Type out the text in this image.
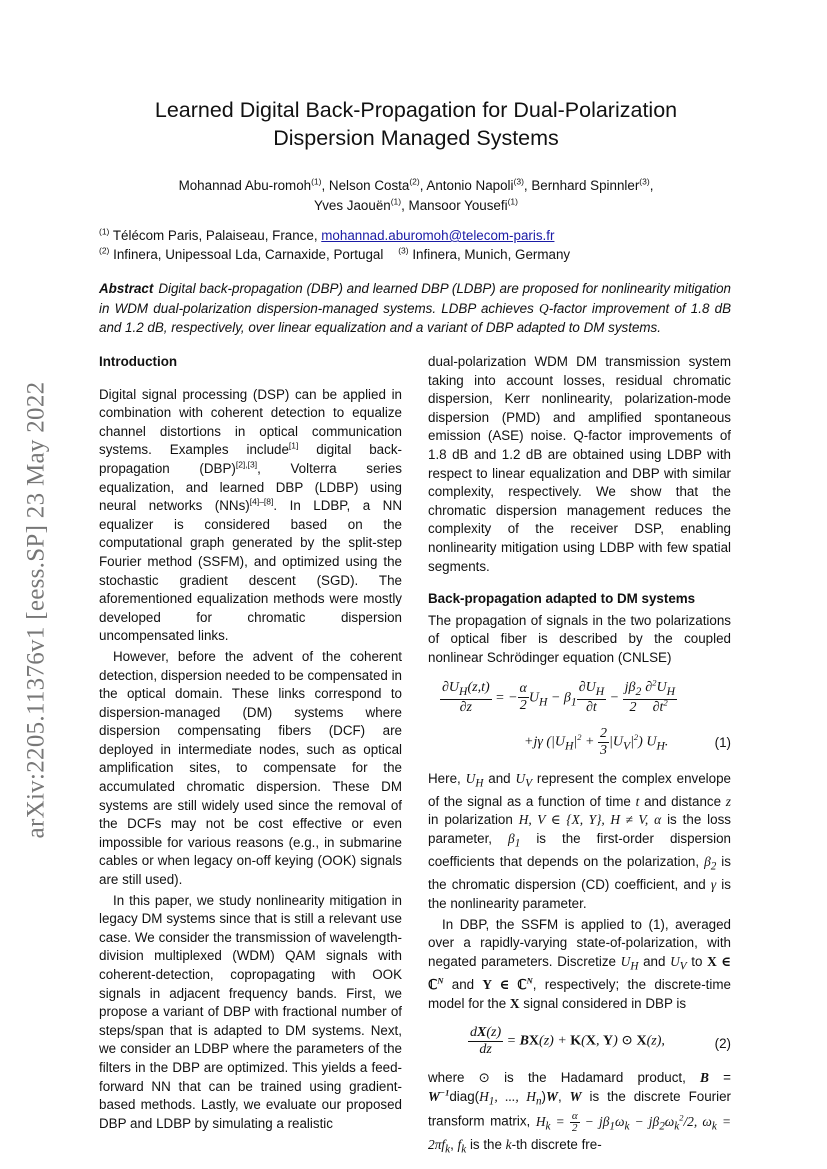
arXiv:2205.11376v1 [eess.SP] 23 May 2022
Learned Digital Back-Propagation for Dual-Polarization
Dispersion Managed Systems
Mohannad Abu-romoh$^{(1)}$, Nelson Costa$^{(2)}$, Antonio Napoli$^{(3)}$, Bernhard Spinnler$^{(3)}$,
Yves Jaouën$^{(1)}$, Mansoor Yousefi$^{(1)}$
$^{(1)}$ Télécom Paris, Palaiseau, France, mohannad.aburomoh@telecom-paris.fr
$^{(2)}$ Infinera, Unipessoal Lda, Carnaxide, Portugal $^{(3)}$ Infinera, Munich, Germany
Abstract Digital back-propagation (DBP) and learned DBP (LDBP) are proposed for nonlinearity mitigation in WDM dual-polarization dispersion-managed systems. LDBP achieves Q-factor improvement of 1.8 dB and 1.2 dB, respectively, over linear equalization and a variant of DBP adapted to DM systems.
Introduction

Digital signal processing (DSP) can be applied in combination with coherent detection to equalize channel distortions in optical communication systems. Examples include[1] digital back-propagation (DBP)[2],[3], Volterra series equalization, and learned DBP (LDBP) using neural networks (NNs)[4]–[8]. In LDBP, a NN equalizer is considered based on the computational graph generated by the split-step Fourier method (SSFM), and optimized using the stochastic gradient descent (SGD). The aforementioned equalization methods were mostly developed for chromatic dispersion uncompensated links.

However, before the advent of the coherent detection, dispersion needed to be compensated in the optical domain. These links correspond to dispersion-managed (DM) systems where dispersion compensating fibers (DCF) are deployed in intermediate nodes, such as optical amplification sites, to compensate for the accumulated chromatic dispersion. These DM systems are still widely used since the removal of the DCFs may not be cost effective or even impossible for various reasons (e.g., in submarine cables or when legacy on-off keying (OOK) signals are still used).

In this paper, we study nonlinearity mitigation in legacy DM systems since that is still a relevant use case. We consider the transmission of wavelength-division multiplexed (WDM) QAM signals with coherent-detection, copropagating with OOK signals in adjacent frequency bands. First, we propose a variant of DBP with fractional number of steps/span that is adapted to DM systems. Next, we consider an LDBP where the parameters of the filters in the DBP are optimized. This yields a feed-forward NN that can be trained using gradient-based methods. Lastly, we evaluate our proposed DBP and LDBP by simulating a realistic

dual-polarization WDM DM transmission system taking into account losses, residual chromatic dispersion, Kerr nonlinearity, polarization-mode dispersion (PMD) and amplified spontaneous emission (ASE) noise. Q-factor improvements of 1.8 dB and 1.2 dB are obtained using LDBP with respect to linear equalization and DBP with similar complexity, respectively. We show that the chromatic dispersion management reduces the complexity of the receiver DSP, enabling nonlinearity mitigation using LDBP with few spatial segments.

Back-propagation adapted to DM systems

The propagation of signals in the two polarizations of optical fiber is described by the coupled nonlinear Schrödinger equation (CNLSE)

$\frac{\partial U_H(z,t)}{\partial z}$ = − $\frac{\alpha}{2} U_H - \beta_1 \frac{\partial U_H}{\partial t} - \frac{j\beta_2}{2} \frac{\partial^2U_H}{\partial t^2}$
+jγ $(|U_H|^2 + \frac{2}{3} |U_V|^2)$ $U_H$.	(1)

Here, $U_H$ and $U_V$ represent the complex envelope of the signal as a function of time t and distance z in polarization H, V ∈ {X, Y}, H ≠ V, α is the loss parameter, $\beta_1$ is the first-order dispersion coefficients that depends on the polarization, $\beta_2$ is the chromatic dispersion (CD) coefficient, and γ is the nonlinearity parameter.

In DBP, the SSFM is applied to (1), averaged over a rapidly-varying state-of-polarization, with negated parameters. Discretize $U_H$ and $U_V$ to X ∈ ℂ$^N$ and Y ∈ ℂ$^N$, respectively; the discrete-time model for the X signal considered in DBP is

$\frac{dX(z)}{dz} = BX(z) + K(X$, Y) ⊙ X(z),	(2)

where ⊙ is the Hadamard product, $B = W^{-1}diag(H_1$, ..., $H_n)W$, W is the discrete Fourier transform matrix, $H_k = \frac{\alpha}{2} - j\beta_1\omega_k - j\beta_2\omega_k^2/2$, $\omega_k = 2\pi f_k$, $f_k$ is the k-th discrete fre-
